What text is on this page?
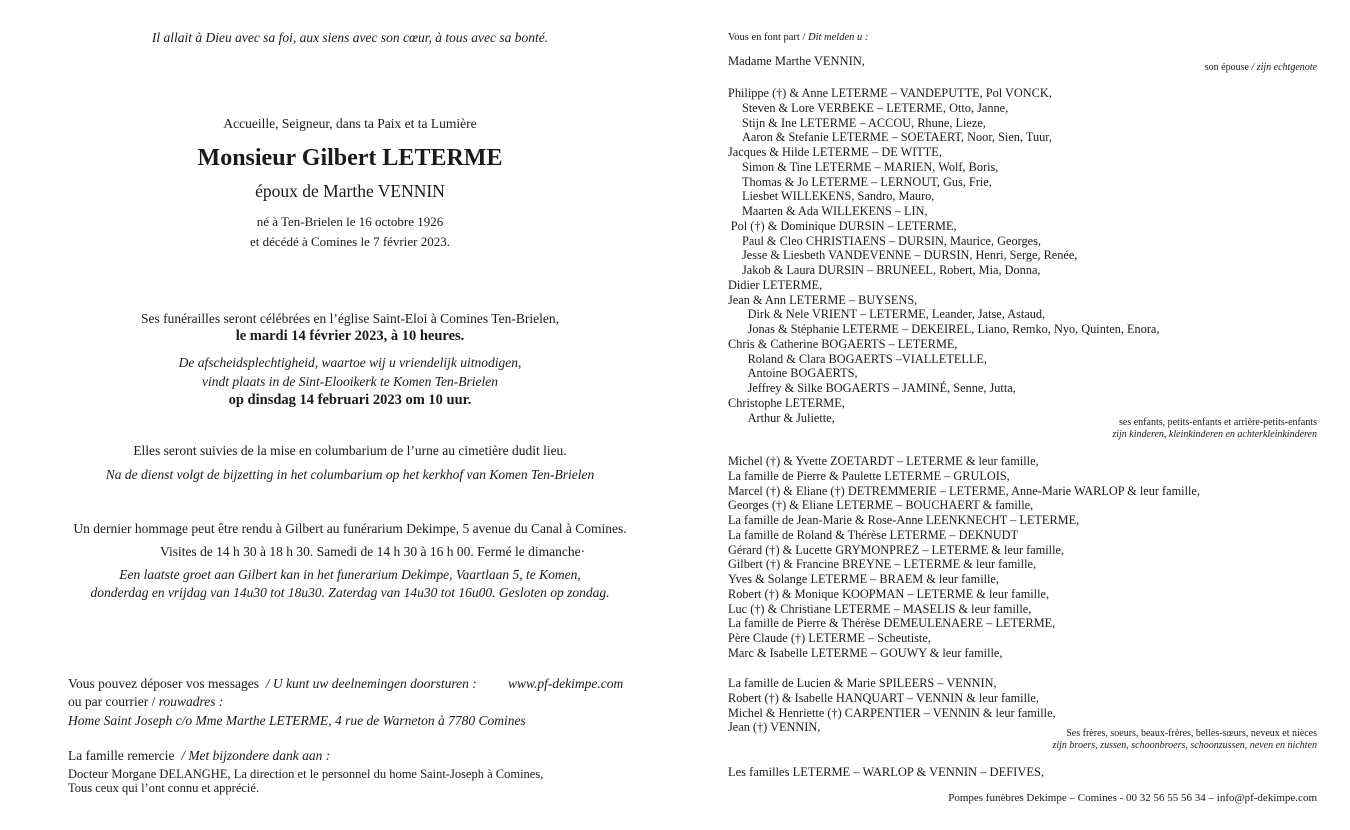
Il allait à Dieu avec sa foi, aux siens avec son cœur, à tous avec sa bonté.
Accueille, Seigneur, dans ta Paix et ta Lumière
Monsieur Gilbert LETERME
époux de Marthe VENNIN
né à Ten-Brielen le 16 octobre 1926
et décédé à Comines le 7 février 2023.
Ses funérailles seront célébrées en l’église Saint-Eloi à Comines Ten-Brielen,
le mardi 14 février 2023, à 10 heures.
De afscheidsplechtigheid, waartoe wij u vriendelijk uitnodigen,
vindt plaats in de Sint-Elooikerk te Komen Ten-Brielen
op dinsdag 14 februari 2023 om 10 uur.
Elles seront suivies de la mise en columbarium de l’urne au cimetière dudit lieu.
Na de dienst volgt de bijzetting in het columbarium op het kerkhof van Komen Ten-Brielen
Un dernier hommage peut être rendu à Gilbert au funérarium Dekimpe, 5 avenue du Canal à Comines.
Visites de 14 h 30 à 18 h 30. Samedi de 14 h 30 à 16 h 00. Fermé le dimanche·
Een laatste groet aan Gilbert kan in het funerarium Dekimpe, Vaartlaan 5, te Komen,
donderdag en vrijdag van 14u30 tot 18u30. Zaterdag van 14u30 tot 16u00. Gesloten op zondag.
Vous pouvez déposer vos messages / U kunt uw deelnemingen doorsturen : www.pf-dekimpe.com
ou par courrier / rouwadres :
Home Saint Joseph c/o Mme Marthe LETERME, 4 rue de Warneton à 7780 Comines
La famille remercie / Met bijzondere dank aan :
Docteur Morgane DELANGHE, La direction et le personnel du home Saint-Joseph à Comines,
Tous ceux qui l’ont connu et apprécié.
Vous en font part / Dit melden u :
Madame Marthe VENNIN,	son épouse / zijn echtgenote
Philippe (†) & Anne LETERME – VANDEPUTTE, Pol VONCK,
Steven & Lore VERBEKE – LETERME, Otto, Janne,
Stijn & Ine LETERME – ACCOU, Rhune, Lieze,
Aaron & Stefanie LETERME – SOETAERT, Noor, Sien, Tuur,
Jacques & Hilde LETERME – DE WITTE,
Simon & Tine LETERME – MARIEN, Wolf, Boris,
Thomas & Jo LETERME – LERNOUT, Gus, Frie,
Liesbet WILLEKENS, Sandro, Mauro,
Maarten & Ada WILLEKENS – LIN,
Pol (†) & Dominique DURSIN – LETERME,
Paul & Cleo CHRISTIAENS – DURSIN, Maurice, Georges,
Jesse & Liesbeth VANDEVENNE – DURSIN, Henri, Serge, Renée,
Jakob & Laura DURSIN – BRUNEEL, Robert, Mia, Donna,
Didier LETERME,
Jean & Ann LETERME – BUYSENS,
Dirk & Nele VRIENT – LETERME, Leander, Jatse, Astaud,
Jonas & Stéphanie LETERME – DEKEIREL, Liano, Remko, Nyo, Quinten, Enora,
Chris & Catherine BOGAERTS – LETERME,
Roland & Clara BOGAERTS –VIALLETELLE,
Antoine BOGAERTS,
Jeffrey & Silke BOGAERTS – JAMINÉ, Senne, Jutta,
Christophe LETERME,
Arthur & Juliette,	ses enfants, petits-enfants et arrière-petits-enfants
zijn kinderen, kleinkinderen en achterkleinkinderen
Michel (†) & Yvette ZOETARDT – LETERME & leur famille,
La famille de Pierre & Paulette LETERME – GRULOIS,
Marcel (†) & Eliane (†) DETREMMERIE – LETERME, Anne-Marie WARLOP & leur famille,
Georges (†) & Eliane LETERME – BOUCHAERT & famille,
La famille de Jean-Marie & Rose-Anne LEENKNECHT – LETERME,
La famille de Roland & Thérèse LETERME – DEKNUDT
Gérard (†) & Lucette GRYMONPREZ – LETERME & leur famille,
Gilbert (†) & Francine BREYNE – LETERME & leur famille,
Yves & Solange LETERME – BRAEM & leur famille,
Robert (†) & Monique KOOPMAN – LETERME & leur famille,
Luc (†) & Christiane LETERME – MASELIS & leur famille,
La famille de Pierre & Thérèse DEMEULENAERE – LETERME,
Père Claude (†) LETERME – Scheutiste,
Marc & Isabelle LETERME – GOUWY & leur famille,
La famille de Lucien & Marie SPILEERS – VENNIN,
Robert (†) & Isabelle HANQUART – VENNIN & leur famille,
Michel & Henriette (†) CARPENTIER – VENNIN & leur famille,
Jean (†) VENNIN,	Ses frères, soeurs, beaux-frères, belles-sœurs, neveux et nièces
zijn broers, zussen, schoonbroers, schoonzussen, neven en nichten
Les familles LETERME – WARLOP & VENNIN – DEFIVES,
Pompes funèbres Dekimpe – Comines - 00 32 56 55 56 34 – info@pf-dekimpe.com
